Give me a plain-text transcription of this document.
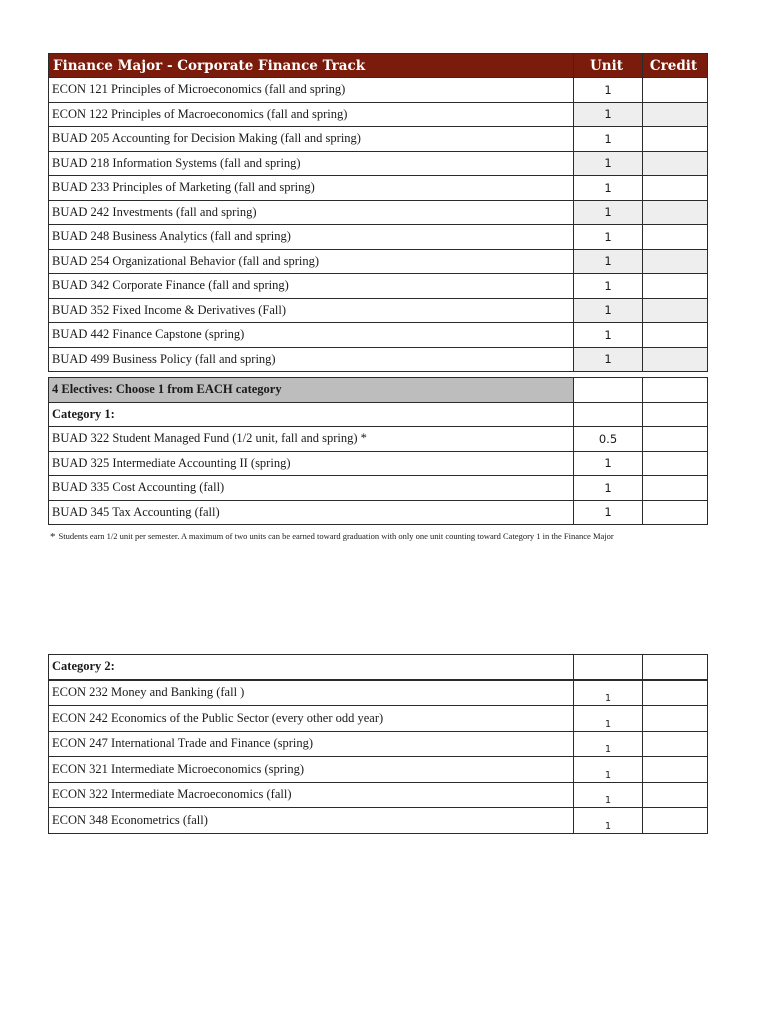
Finance Major - Corporate Finance Track	Unit	Credit
ECON 121 Principles of Microeconomics (fall and spring)	1	
ECON 122 Principles of Macroeconomics (fall and spring)	1	
BUAD 205 Accounting for Decision Making (fall and spring)	1	
BUAD 218 Information Systems (fall and spring)	1	
BUAD 233 Principles of Marketing (fall and spring)	1	
BUAD 242 Investments (fall and spring)	1	
BUAD 248 Business Analytics (fall and spring)	1	
BUAD 254 Organizational Behavior (fall and spring)	1	
BUAD 342 Corporate Finance (fall and spring)	1	
BUAD 352 Fixed Income & Derivatives (Fall)	1	
BUAD 442 Finance Capstone (spring)	1	
BUAD 499 Business Policy (fall and spring)	1	
4 Electives: Choose 1 from EACH category		
Category 1:		
BUAD 322 Student Managed Fund (1/2 unit, fall and spring) *	0.5	
BUAD 325 Intermediate Accounting II (spring)	1	
BUAD 335 Cost Accounting (fall)	1	
BUAD 345 Tax Accounting (fall)	1	
* Students earn 1/2 unit per semester. A maximum of two units can be earned toward graduation with only one unit counting toward Category 1 in the Finance Major
Category 2:		
ECON 232 Money and Banking (fall )	1	
ECON 242 Economics of the Public Sector (every other odd year)	1	
ECON 247 International Trade and Finance (spring)	1	
ECON 321 Intermediate Microeconomics (spring)	1	
ECON 322 Intermediate Macroeconomics (fall)	1	
ECON 348 Econometrics (fall)	1	
